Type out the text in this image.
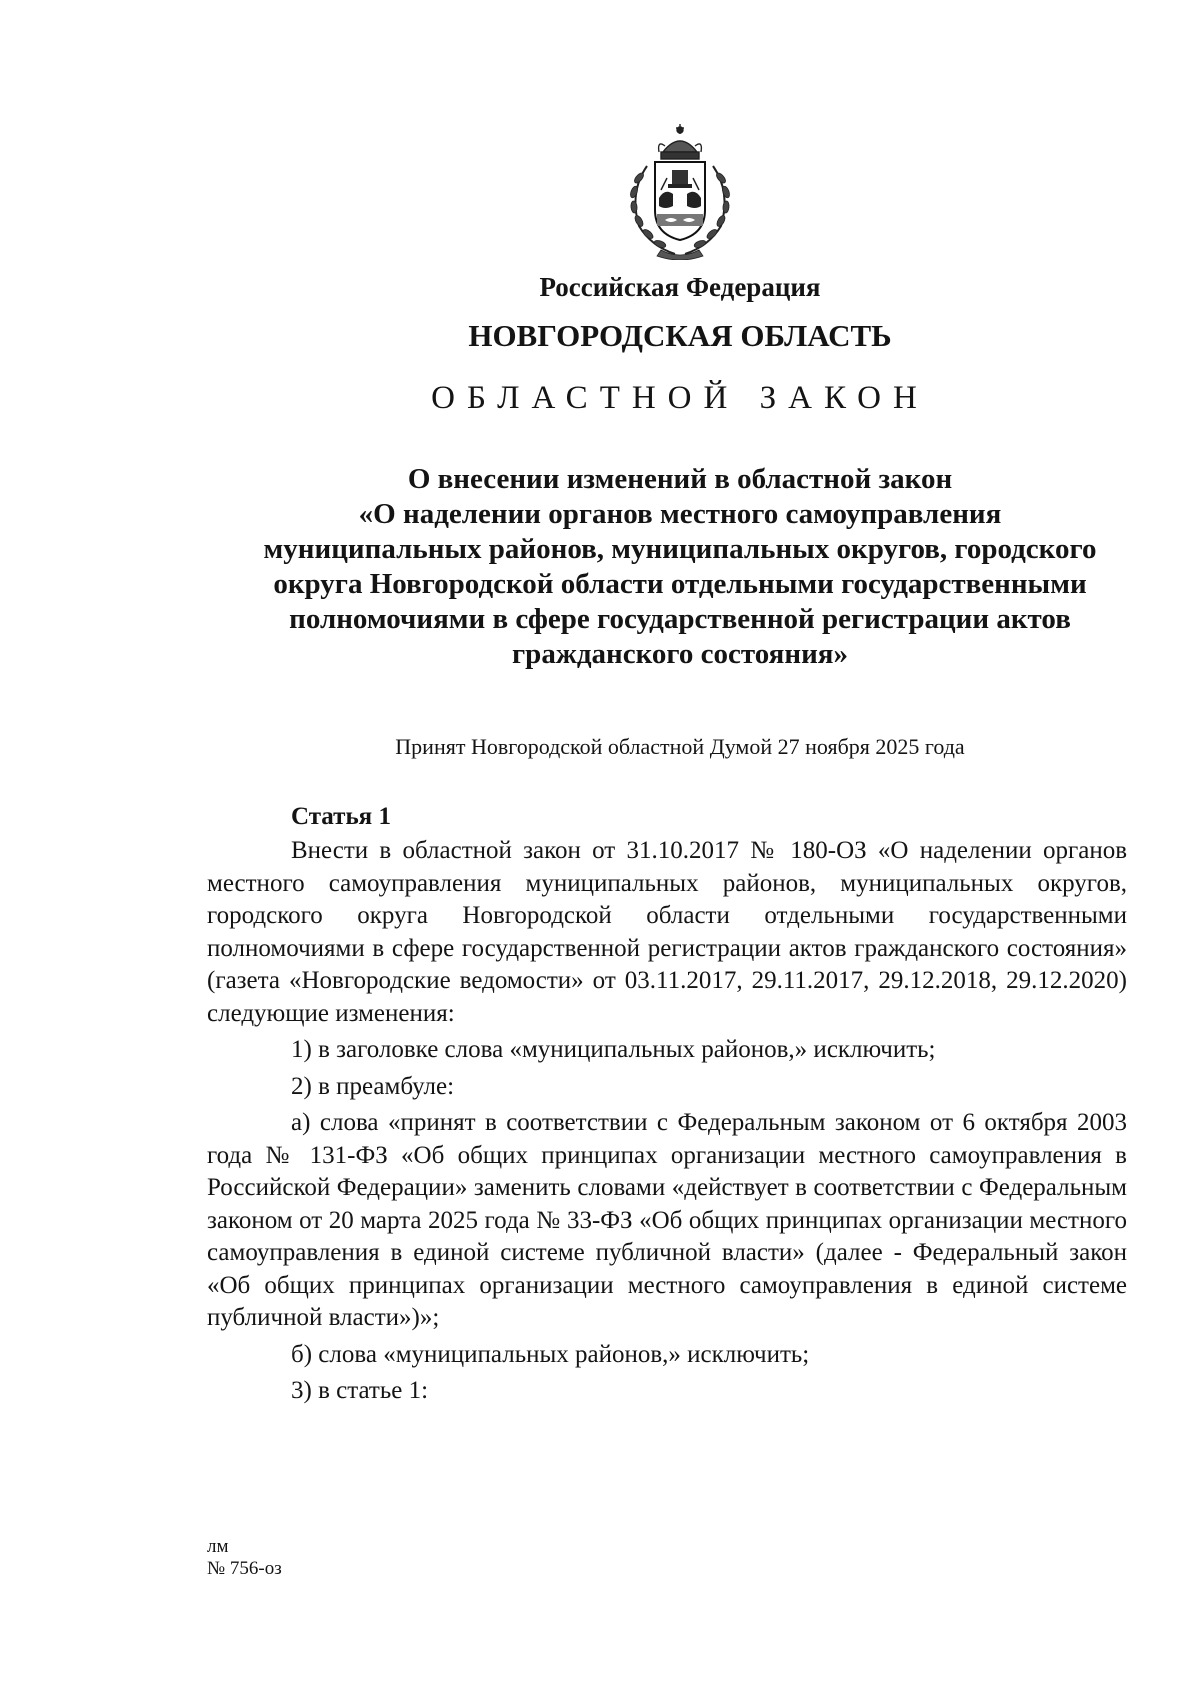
Российская Федерация
НОВГОРОДСКАЯ ОБЛАСТЬ
ОБЛАСТНОЙ ЗАКОН
О внесении изменений в областной закон
«О наделении органов местного самоуправления
муниципальных районов, муниципальных округов, городского
округа Новгородской области отдельными государственными
полномочиями в сфере государственной регистрации актов
гражданского состояния»

Принят Новгородской областной Думой 27 ноября 2025 года

Статья 1

Внести в областной закон от 31.10.2017 № 180-ОЗ «О наделении органов местного самоуправления муниципальных районов, муниципальных округов, городского округа Новгородской области отдельными государственными полномочиями в сфере государственной регистрации актов гражданского состояния» (газета «Новгородские ведомости» от 03.11.2017, 29.11.2017, 29.12.2018, 29.12.2020) следующие изменения:

1) в заголовке слова «муниципальных районов,» исключить;

2) в преамбуле:

а) слова «принят в соответствии с Федеральным законом от 6 октября 2003 года № 131-ФЗ «Об общих принципах организации местного самоуправления в Российской Федерации» заменить словами «действует в соответствии с Федеральным законом от 20 марта 2025 года № 33-ФЗ «Об общих принципах организации местного самоуправления в единой системе публичной власти» (далее - Федеральный закон «Об общих принципах организации местного самоуправления в единой системе публичной власти»)»;

б) слова «муниципальных районов,» исключить;

3) в статье 1:

лм
№ 756-оз
